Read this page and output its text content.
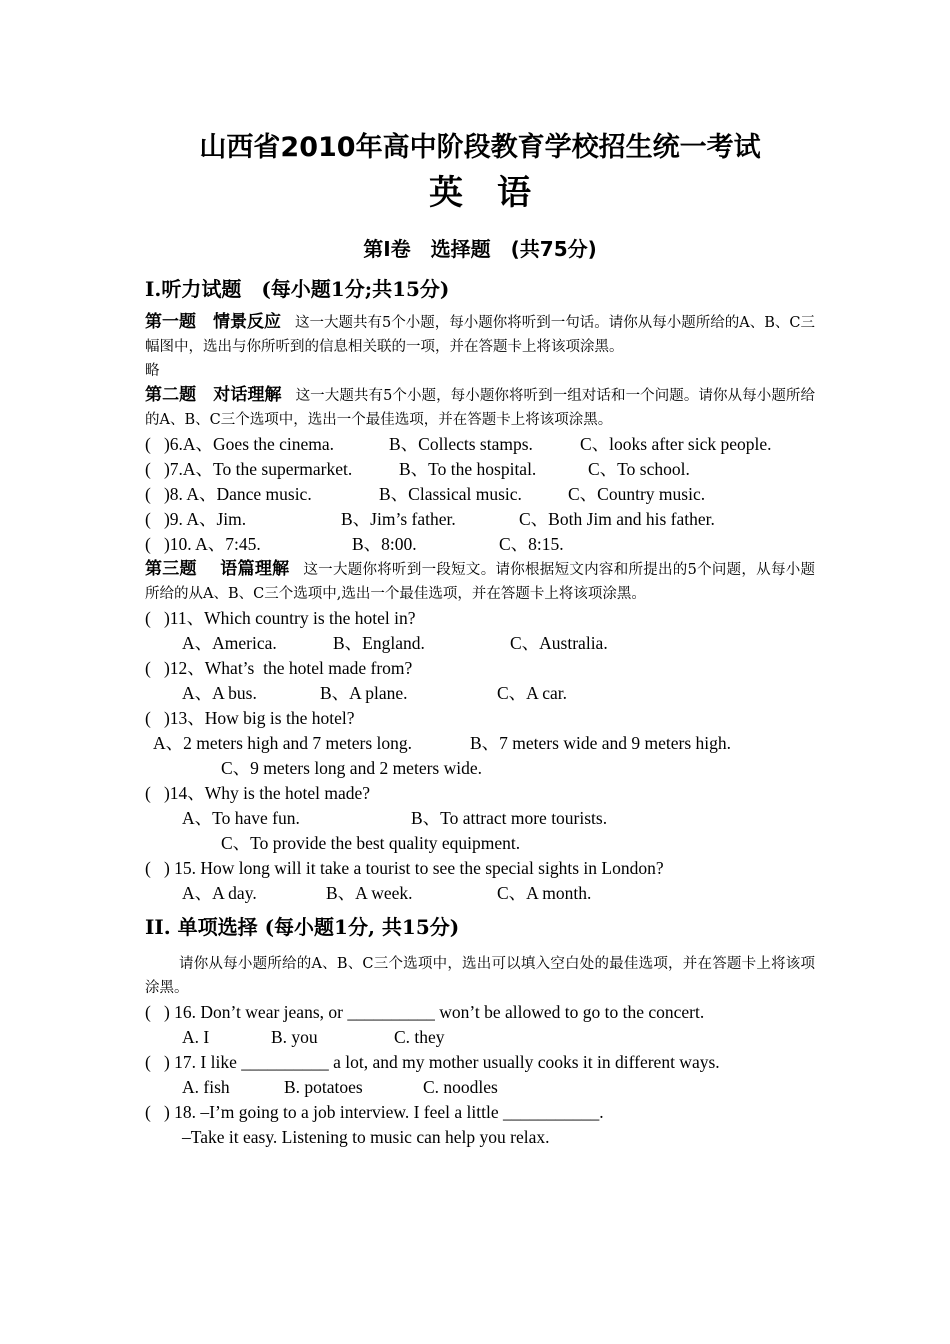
山西省2010年高中阶段教育学校招生统一考试
英语
第Ⅰ卷　选择题　(共75分)
I.听力试题　(每小题1分;共15分)
第一题　情景反应 这一大题共有5个小题，每小题你将听到一句话。请你从每小题所给的A、B、C三幅图中，选出与你所听到的信息相关联的一项，并在答题卡上将该项涂黑。
略
第二题　对话理解 这一大题共有5个小题，每小题你将听到一组对话和一个问题。请你从每小题所给的A、B、C三个选项中，选出一个最佳选项，并在答题卡上将该项涂黑。
(   )6.A、Goes the cinema.	B、Collects stamps.	C、looks after sick people.
(   )7.A、To the supermarket.	B、To the hospital.	C、To school.
(   )8. A、Dance music.	B、Classical music.	C、Country music.
(   )9. A、Jim.	B、Jim’s father.	C、Both Jim and his father.
(   )10. A、7:45.	B、8:00.	C、8:15.
第三题　 语篇理解 这一大题你将听到一段短文。请你根据短文内容和所提出的5个问题，从每小题所给的从A、B、C三个选项中,选出一个最佳选项，并在答题卡上将该项涂黑。
(   )11、Which country is the hotel in?
A、America.	B、England.	C、Australia.
(   )12、What’s  the hotel made from?
A、A bus.	B、A plane.	C、A car.
(   )13、How big is the hotel?
A、2 meters high and 7 meters long.	B、7 meters wide and 9 meters high.
C、9 meters long and 2 meters wide.
(   )14、Why is the hotel made?
A、To have fun.	B、To attract more tourists.
C、To provide the best quality equipment.
(   ) 15. How long will it take a tourist to see the special sights in London?
A、A day.	B、A week.	C、A month.
II. 单项选择 (每小题1分, 共15分)
请你从每小题所给的A、B、C三个选项中，选出可以填入空白处的最佳选项，并在答题卡上将该项涂黑。
(   ) 16. Don’t wear jeans, or __________ won’t be allowed to go to the concert.
A. I	B. you	C. they
(   ) 17. I like __________ a lot, and my mother usually cooks it in different ways.
A. fish	B. potatoes	C. noodles
(   ) 18. –I’m going to a job interview. I feel a little ___________.
–Take it easy. Listening to music can help you relax.
